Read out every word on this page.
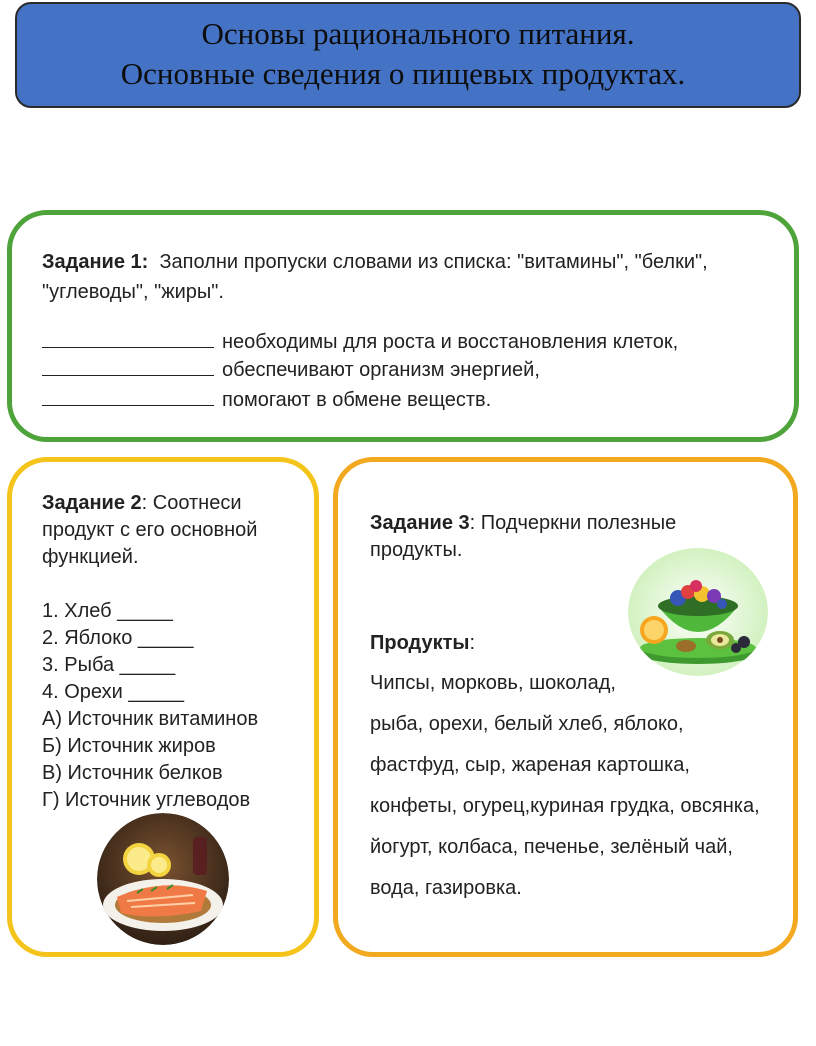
Основы рационального питания.
Основные сведения о пищевых продуктах.
Задание 1: Заполни пропуски словами из списка: "витамины", "белки",
"углеводы", "жиры".
необходимы для роста и восстановления клеток,
обеспечивают организм энергией,
помогают в обмене веществ.
Задание 2: Соотнеси
продукт с его основной
функцией.
1. Хлеб _____
2. Яблоко _____
3. Рыба _____
4. Орехи _____
А) Источник витаминов
Б) Источник жиров
В) Источник белков
Г) Источник углеводов
Задание 3: Подчеркни полезные
продукты.
Продукты:
Чипсы, морковь, шоколад,
рыба, орехи, белый хлеб, яблоко,
фастфуд, сыр, жареная картошка,
конфеты, огурец,куриная грудка, овсянка,
йогурт, колбаса, печенье, зелёный чай,
вода, газировка.
